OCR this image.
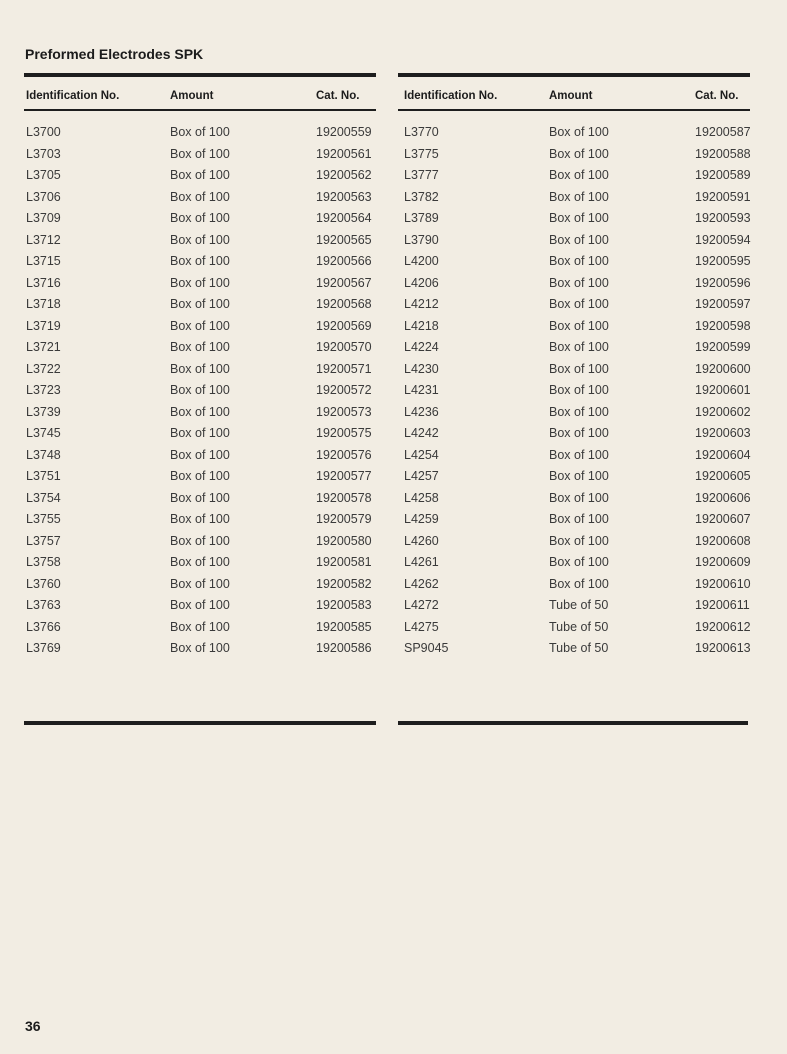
Preformed Electrodes SPK
Identification No.	Amount	Cat. No.
L3700	Box of 100	19200559
L3703	Box of 100	19200561
L3705	Box of 100	19200562
L3706	Box of 100	19200563
L3709	Box of 100	19200564
L3712	Box of 100	19200565
L3715	Box of 100	19200566
L3716	Box of 100	19200567
L3718	Box of 100	19200568
L3719	Box of 100	19200569
L3721	Box of 100	19200570
L3722	Box of 100	19200571
L3723	Box of 100	19200572
L3739	Box of 100	19200573
L3745	Box of 100	19200575
L3748	Box of 100	19200576
L3751	Box of 100	19200577
L3754	Box of 100	19200578
L3755	Box of 100	19200579
L3757	Box of 100	19200580
L3758	Box of 100	19200581
L3760	Box of 100	19200582
L3763	Box of 100	19200583
L3766	Box of 100	19200585
L3769	Box of 100	19200586
Identification No.	Amount	Cat. No.
L3770	Box of 100	19200587
L3775	Box of 100	19200588
L3777	Box of 100	19200589
L3782	Box of 100	19200591
L3789	Box of 100	19200593
L3790	Box of 100	19200594
L4200	Box of 100	19200595
L4206	Box of 100	19200596
L4212	Box of 100	19200597
L4218	Box of 100	19200598
L4224	Box of 100	19200599
L4230	Box of 100	19200600
L4231	Box of 100	19200601
L4236	Box of 100	19200602
L4242	Box of 100	19200603
L4254	Box of 100	19200604
L4257	Box of 100	19200605
L4258	Box of 100	19200606
L4259	Box of 100	19200607
L4260	Box of 100	19200608
L4261	Box of 100	19200609
L4262	Box of 100	19200610
L4272	Tube of 50	19200611
L4275	Tube of 50	19200612
SP9045	Tube of 50	19200613
36
